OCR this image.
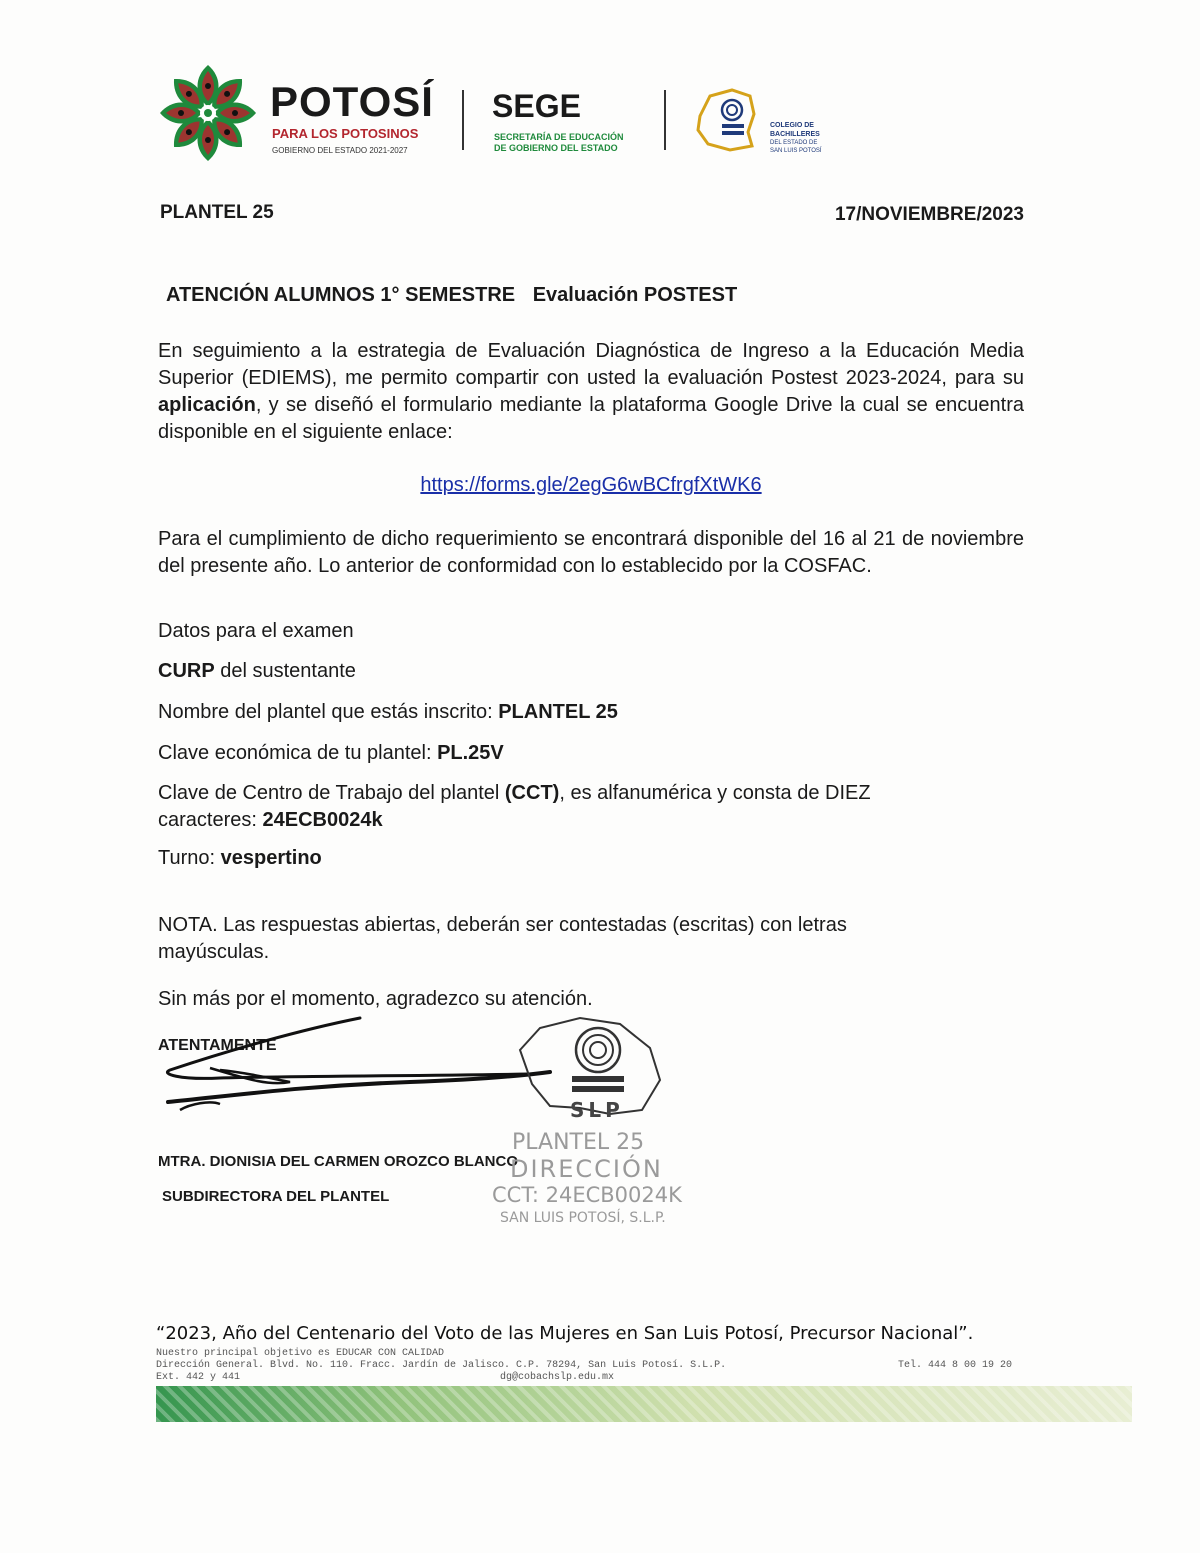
POTOSÍ
PARA LOS POTOSINOS
GOBIERNO DEL ESTADO 2021-2027
SEGE
SECRETARÍA DE EDUCACIÓN
DE GOBIERNO DEL ESTADO
COLEGIO DE
BACHILLERES
DEL ESTADO DE
SAN LUIS POTOSÍ
PLANTEL 25	17/NOVIEMBRE/2023
ATENCIÓN ALUMNOS 1° SEMESTRE Evaluación POSTEST
En seguimiento a la estrategia de Evaluación Diagnóstica de Ingreso a la Educación Media Superior (EDIEMS), me permito compartir con usted la evaluación Postest 2023-2024, para su aplicación, y se diseñó el formulario mediante la plataforma Google Drive la cual se encuentra disponible en el siguiente enlace:
https://forms.gle/2egG6wBCfrgfXtWK6
Para el cumplimiento de dicho requerimiento se encontrará disponible del 16 al 21 de noviembre del presente año. Lo anterior de conformidad con lo establecido por la COSFAC.
Datos para el examen
CURP del sustentante
Nombre del plantel que estás inscrito: PLANTEL 25
Clave económica de tu plantel: PL.25V
Clave de Centro de Trabajo del plantel (CCT), es alfanumérica y consta de DIEZ
caracteres: 24ECB0024k
Turno: vespertino
NOTA. Las respuestas abiertas, deberán ser contestadas (escritas) con letras mayúsculas.
Sin más por el momento, agradezco su atención.
ATENTAMENTE
MTRA. DIONISIA DEL CARMEN OROZCO BLANCO
SUBDIRECTORA DEL PLANTEL
SLP
PLANTEL 25
DIRECCIÓN
CCT: 24ECB0024K
SAN LUIS POTOSÍ, S.L.P.
“2023, Año del Centenario del Voto de las Mujeres en San Luis Potosí, Precursor Nacional”.
Nuestro principal objetivo es EDUCAR CON CALIDAD
Dirección General. Blvd. No. 110. Fracc. Jardín de Jalisco. C.P. 78294, San Luis Potosí. S.L.P.	Tel. 444 8 00 19 20
Ext. 442 y 441	dg@cobachslp.edu.mx
